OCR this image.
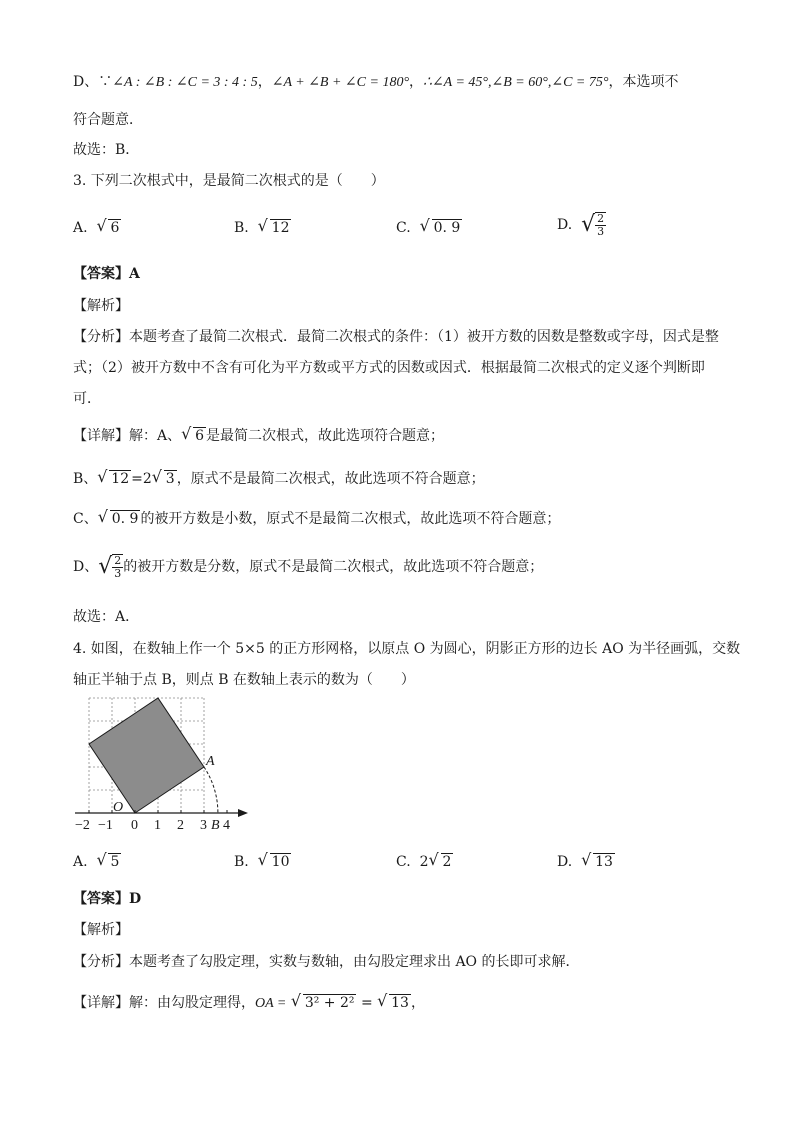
D、∵∠A : ∠B : ∠C = 3 : 4 : 5，∠A + ∠B + ∠C = 180°，∴∠A = 45°,∠B = 60°,∠C = 75°，本选项不
符合题意．
故选：B．
3. 下列二次根式中，是最简二次根式的是（　　）
A. √ 6	B. √ 12	C. √ 0. 9	D. √ $\frac{2}{3}$
【答案】A
【解析】
【分析】本题考查了最简二次根式．最简二次根式的条件：（1）被开方数的因数是整数或字母，因式是整
式；（2）被开方数中不含有可化为平方数或平方式的因数或因式．根据最简二次根式的定义逐个判断即
可．
【详解】解：A、 √ 6 是最简二次根式，故此选项符合题意；
B、 √ 12 =2 √ 3 ，原式不是最简二次根式，故此选项不符合题意；
C、 √ 0. 9 的被开方数是小数，原式不是最简二次根式，故此选项不符合题意；
D、√ $\frac{2}{3}$ 的被开方数是分数，原式不是最简二次根式，故此选项不符合题意；
故选：A．
4. 如图，在数轴上作一个 5×5 的正方形网格，以原点 O 为圆心，阴影正方形的边长 AO 为半径画弧，交数
轴正半轴于点 B，则点 B 在数轴上表示的数为（　　）
A
O
−2 −1 0 1 2 3 B 4
A. √ 5	B. √ 10	C. 2 √ 2	D. √ 13
【答案】D
【解析】
【分析】本题考查了勾股定理，实数与数轴，由勾股定理求出 AO 的长即可求解．
【详解】解：由勾股定理得，OA = √ 3² + 2² = √ 13 ，
